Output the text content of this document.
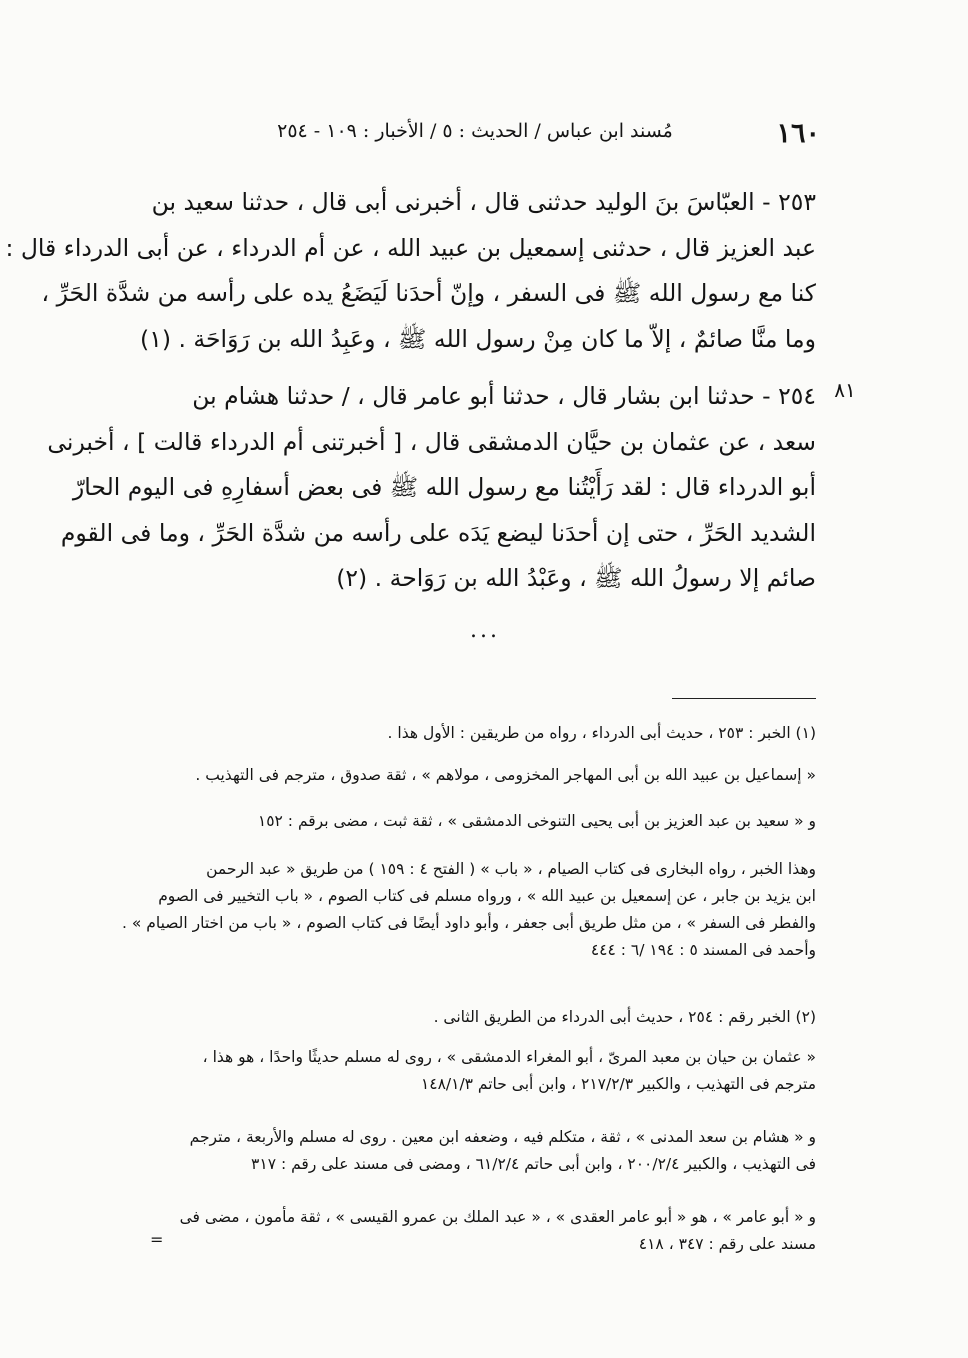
١٦٠
مُسند ابن عباس / الحديث : ٥ / الأخبار : ١٠٩ - ٢٥٤
٨١
٢٥٣ - العبّاسَ بنَ الوليد حدثنى قال ، أخبرنى أبى قال ، حدثنا سعيد بن
عبد العزيز قال ، حدثنى إسمعيل بن عبيد الله ، عن أم الدرداء ، عن أبى الدرداء قال :
كنا مع رسول الله ﷺ فى السفر ، وإنّ أحدَنا لَيَضَعُ يده على رأسه من شدَّة الحَرِّ ،
وما منَّا صائمٌ ، إلاّ ما كان مِنْ رسول الله ﷺ ، وعَبِدُ الله بن رَوَاحَة . (١)
٢٥٤ - حدثنا ابن بشار قال ، حدثنا أبو عامر قال ، / حدثنا هشام بن
سعد ، عن عثمان بن حيَّان الدمشقى قال ، [ أخبرتنى أم الدرداء قالت ] ، أخبرنى
أبو الدرداء قال : لقد رَأَيْتُنا مع رسول الله ﷺ فى بعض أسفارِهِ فى اليوم الحارّ
الشديد الحَرِّ ، حتى إن أحدَنا ليضع يَدَه على رأسه من شدَّة الحَرِّ ، وما فى القوم
صائم إلا رسولُ الله ﷺ ، وعَبْدُ الله بن رَوَاحة . (٢)
...
(١) الخبر : ٢٥٣ ، حديث أبى الدرداء ، رواه من طريقين : الأول هذا .
« إسماعيل بن عبيد الله بن أبى المهاجر المخزومى ، مولاهم » ، ثقة صدوق ، مترجم فى التهذيب .
و « سعيد بن عبد العزيز بن أبى يحيى التنوخى الدمشقى » ، ثقة ثبت ، مضى برقم : ١٥٢
وهذا الخبر ، رواه البخارى فى كتاب الصيام ، « باب » ( الفتح ٤ : ١٥٩ ) من طريق « عبد الرحمن
ابن يزيد بن جابر ، عن إسمعيل بن عبيد الله » ، ورواه مسلم فى كتاب الصوم ، « باب التخيير فى الصوم
والفطر فى السفر » ، من مثل طريق أبى جعفر ، وأبو داود أيضًا فى كتاب الصوم ، « باب من اختار الصيام » .
وأحمد فى المسند ٥ : ١٩٤ /٦ : ٤٤٤
(٢) الخبر رقم : ٢٥٤ ، حديث أبى الدرداء من الطريق الثانى .
« عثمان بن حيان بن معبد المرىّ ، أبو المغراء الدمشقى » ، روى له مسلم حديثًا واحدًا ، هو هذا ،
مترجم فى التهذيب ، والكبير ٢١٧/٢/٣ ، وابن أبى حاتم ١٤٨/١/٣
و « هشام بن سعد المدنى » ، ثقة ، متكلم فيه ، وضعفه ابن معين . روى له مسلم والأربعة ، مترجم
فى التهذيب ، والكبير ٢٠٠/٢/٤ ، وابن أبى حاتم ٦١/٢/٤ ، ومضى فى مسند على رقم : ٣١٧
و « أبو عامر » ، هو « أبو عامر العقدى » ، « عبد الملك بن عمرو القيسى » ، ثقة مأمون ، مضى فى
مسند على رقم : ٣٤٧ ، ٤١٨
=
